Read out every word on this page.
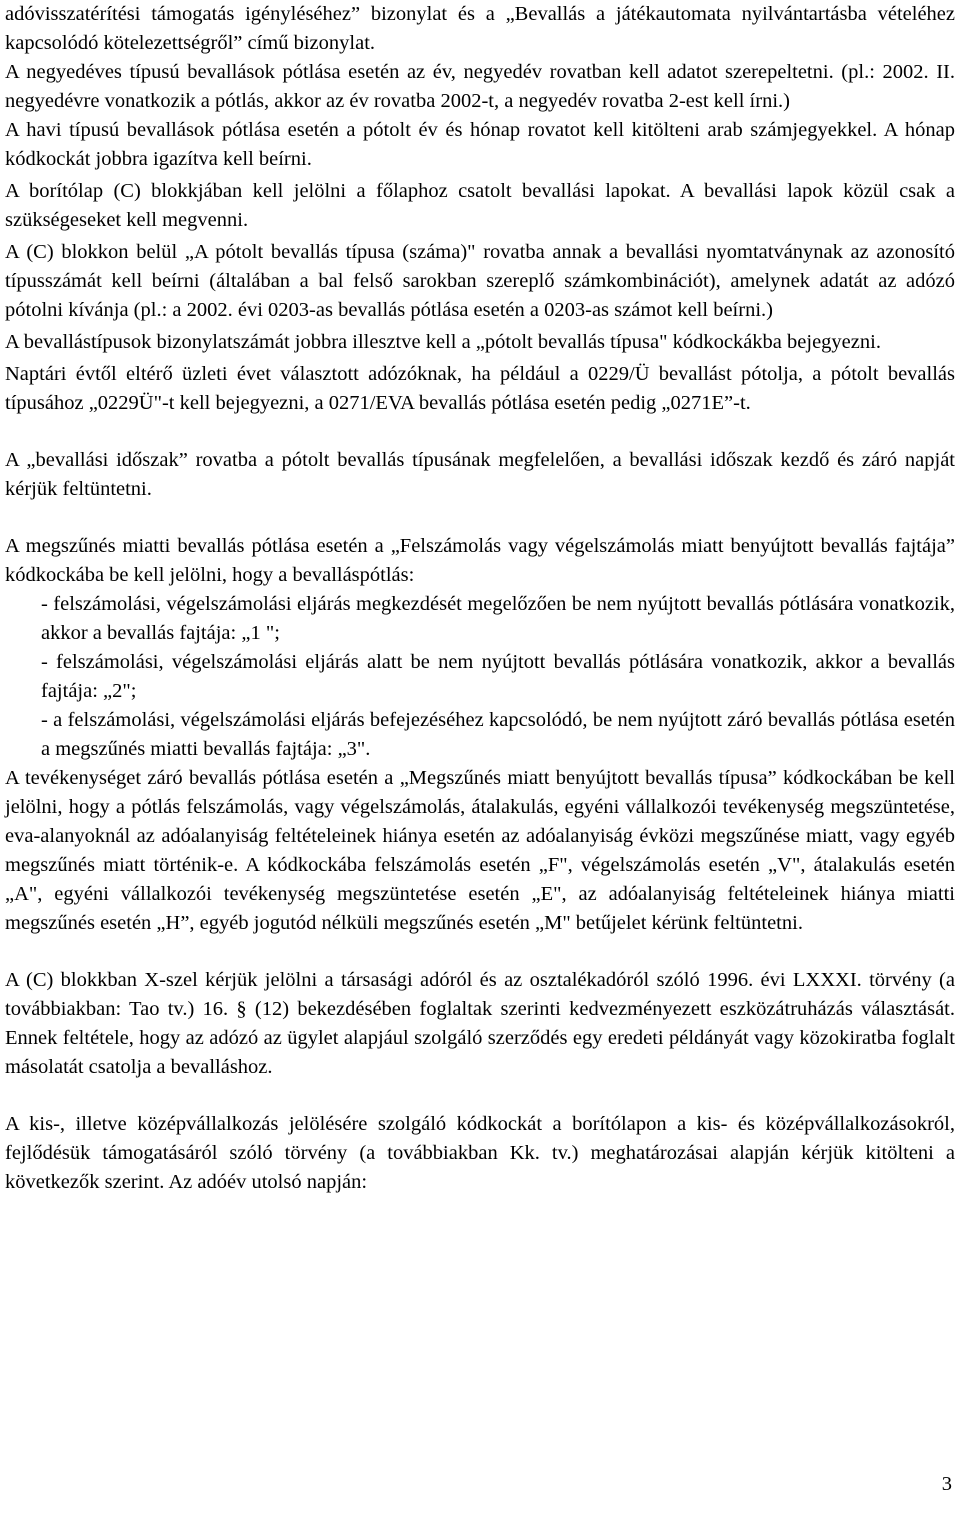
adóvisszatérítési támogatás igényléséhez” bizonylat és a „Bevallás a játékautomata nyilvántartásba vételéhez kapcsolódó kötelezettségről” című bizonylat.

A negyedéves típusú bevallások pótlása esetén az év, negyedév rovatban kell adatot szerepeltetni. (pl.: 2002. II. negyedévre vonatkozik a pótlás, akkor az év rovatba 2002-t, a negyedév rovatba 2-est kell írni.)

A havi típusú bevallások pótlása esetén a pótolt év és hónap rovatot kell kitölteni arab számjegyekkel. A hónap kódkockát jobbra igazítva kell beírni.

A borítólap (C) blokkjában kell jelölni a főlaphoz csatolt bevallási lapokat. A bevallási lapok közül csak a szükségeseket kell megvenni.

A (C) blokkon belül „A pótolt bevallás típusa (száma)" rovatba annak a bevallási nyomtatványnak az azonosító típusszámát kell beírni (általában a bal felső sarokban szereplő számkombinációt), amelynek adatát az adózó pótolni kívánja (pl.: a 2002. évi 0203-as bevallás pótlása esetén a 0203-as számot kell beírni.)

A bevallástípusok bizonylatszámát jobbra illesztve kell a „pótolt bevallás típusa" kódkockákba bejegyezni.

Naptári évtől eltérő üzleti évet választott adózóknak, ha például a 0229/Ü bevallást pótolja, a pótolt bevallás típusához „0229Ü"-t kell bejegyezni, a 0271/EVA bevallás pótlása esetén pedig „0271E”-t.

A „bevallási időszak” rovatba a pótolt bevallás típusának megfelelően, a bevallási időszak kezdő és záró napját kérjük feltüntetni.

A megszűnés miatti bevallás pótlása esetén a „Felszámolás vagy végelszámolás miatt benyújtott bevallás fajtája” kódkockába be kell jelölni, hogy a bevalláspótlás:

- felszámolási, végelszámolási eljárás megkezdését megelőzően be nem nyújtott bevallás pótlására vonatkozik, akkor a bevallás fajtája: „1 ";
- felszámolási, végelszámolási eljárás alatt be nem nyújtott bevallás pótlására vonatkozik, akkor a bevallás fajtája: „2";
- a felszámolási, végelszámolási eljárás befejezéséhez kapcsolódó, be nem nyújtott záró bevallás pótlása esetén a megszűnés miatti bevallás fajtája: „3".

A tevékenységet záró bevallás pótlása esetén a „Megszűnés miatt benyújtott bevallás típusa” kódkockában be kell jelölni, hogy a pótlás felszámolás, vagy végelszámolás, átalakulás, egyéni vállalkozói tevékenység megszüntetése, eva-alanyoknál az adóalanyiság feltételeinek hiánya esetén az adóalanyiság évközi megszűnése miatt, vagy egyéb megszűnés miatt történik-e. A kódkockába felszámolás esetén „F", végelszámolás esetén „V", átalakulás esetén „A", egyéni vállalkozói tevékenység megszüntetése esetén „E", az adóalanyiság feltételeinek hiánya miatti megszűnés esetén „H”, egyéb jogutód nélküli megszűnés esetén „M" betűjelet kérünk feltüntetni.

A (C) blokkban X-szel kérjük jelölni a társasági adóról és az osztalékadóról szóló 1996. évi LXXXI. törvény (a továbbiakban: Tao tv.) 16. § (12) bekezdésében foglaltak szerinti kedvezményezett eszközátruházás választását. Ennek feltétele, hogy az adózó az ügylet alapjául szolgáló szerződés egy eredeti példányát vagy közokiratba foglalt másolatát csatolja a bevalláshoz.

A kis-, illetve középvállalkozás jelölésére szolgáló kódkockát a borítólapon a kis- és középvállalkozásokról, fejlődésük támogatásáról szóló törvény (a továbbiakban Kk. tv.) meghatározásai alapján kérjük kitölteni a következők szerint. Az adóév utolsó napján:

3
